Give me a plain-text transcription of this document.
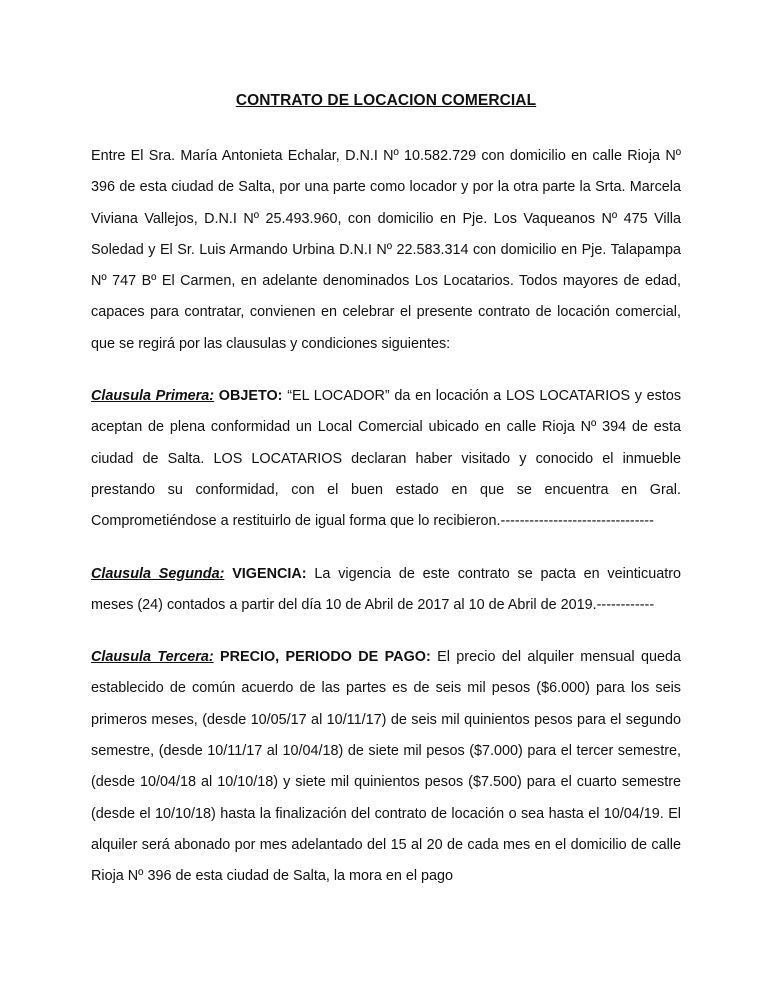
CONTRATO DE LOCACION COMERCIAL

Entre El Sra. María Antonieta Echalar, D.N.I Nº 10.582.729 con domicilio en calle Rioja Nº 396 de esta ciudad de Salta, por una parte como locador y por la otra parte la Srta. Marcela Viviana Vallejos, D.N.I Nº 25.493.960, con domicilio en Pje. Los Vaqueanos Nº 475 Villa Soledad y El Sr. Luis Armando Urbina D.N.I Nº 22.583.314 con domicilio en Pje. Talapampa Nº 747 Bº El Carmen, en adelante denominados Los Locatarios. Todos mayores de edad, capaces para contratar, convienen en celebrar el presente contrato de locación comercial, que se regirá por las clausulas y condiciones siguientes:

Clausula Primera: OBJETO: “EL LOCADOR” da en locación a LOS LOCATARIOS y estos aceptan de plena conformidad un Local Comercial ubicado en calle Rioja Nº 394 de esta ciudad de Salta. LOS LOCATARIOS declaran haber visitado y conocido el inmueble prestando su conformidad, con el buen estado en que se encuentra en Gral. Comprometiéndose a restituirlo de igual forma que lo recibieron.--------------------------------

Clausula Segunda: VIGENCIA: La vigencia de este contrato se pacta en veinticuatro meses (24) contados a partir del día 10 de Abril de 2017 al 10 de Abril de 2019.------------

Clausula Tercera: PRECIO, PERIODO DE PAGO: El precio del alquiler mensual queda establecido de común acuerdo de las partes es de seis mil pesos ($6.000) para los seis primeros meses, (desde 10/05/17 al 10/11/17) de seis mil quinientos pesos para el segundo semestre, (desde 10/11/17 al 10/04/18) de siete mil pesos ($7.000) para el tercer semestre, (desde 10/04/18 al 10/10/18) y siete mil quinientos pesos ($7.500) para el cuarto semestre (desde el 10/10/18) hasta la finalización del contrato de locación o sea hasta el 10/04/19. El alquiler será abonado por mes adelantado del 15 al 20 de cada mes en el domicilio de calle Rioja Nº 396 de esta ciudad de Salta, la mora en el pago
